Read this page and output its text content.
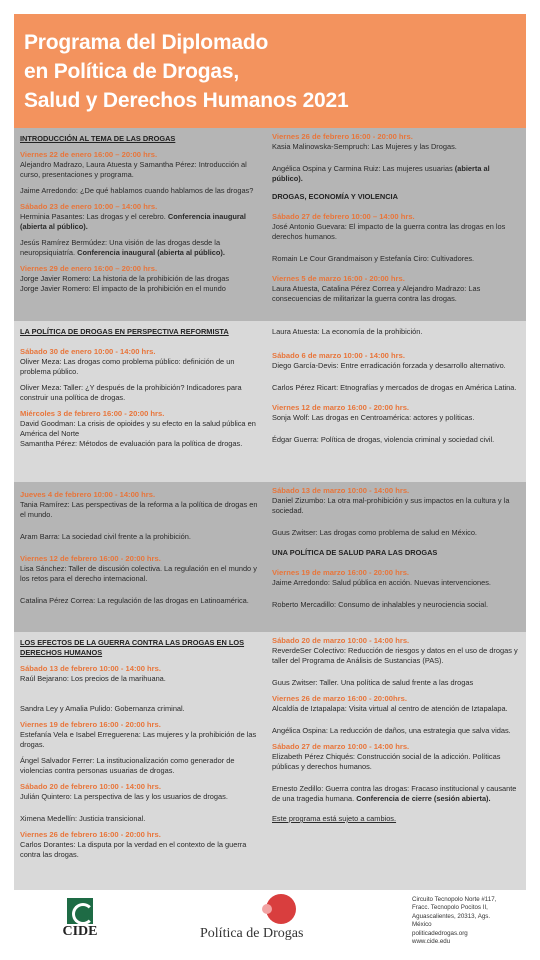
Programa del Diplomado
en Política de Drogas,
Salud y Derechos Humanos 2021
INTRODUCCIÓN AL TEMA DE LAS DROGAS
Viernes 22 de enero 16:00 – 20:00 hrs.
Alejandro Madrazo, Laura Atuesta y Samantha Pérez: Introducción al curso, presentaciones y programa.
Jaime Arredondo: ¿De qué hablamos cuando hablamos de las drogas?
Sábado 23 de enero 10:00 – 14:00 hrs.
Herminia Pasantes: Las drogas y el cerebro. Conferencia inaugural (abierta al público).
Jesús Ramírez Bermúdez: Una visión de las drogas desde la neuropsiquiatría. Conferencia inaugural (abierta al público).
Viernes 29 de enero 16:00 – 20:00 hrs.
Jorge Javier Romero: La historia de la prohibición de las drogas
Jorge Javier Romero: El impacto de la prohibición en el mundo
LA POLÍTICA DE DROGAS EN PERSPECTIVA REFORMISTA
Sábado 30 de enero 10:00 - 14:00 hrs.
Oliver Meza: Las drogas como problema público: definición de un problema público.
Oliver Meza: Taller: ¿Y después de la prohibición? Indicadores para construir una política de drogas.
Miércoles 3 de febrero 16:00 - 20:00 hrs.
David Goodman: La crisis de opioides y su efecto en la salud pública en América del Norte
Samantha Pérez: Métodos de evaluación para la política de drogas.
Jueves 4 de febrero 10:00 - 14:00 hrs.
Tania Ramírez: Las perspectivas de la reforma a la política de drogas en el mundo.
Aram Barra: La sociedad civil frente a la prohibición.
Viernes 12 de febrero 16:00 - 20:00 hrs.
Lisa Sánchez: Taller de discusión colectiva. La regulación en el mundo y los retos para el derecho internacional.
Catalina Pérez Correa: La regulación de las drogas en Latinoamérica.
LOS EFECTOS DE LA GUERRA CONTRA LAS DROGAS EN LOS DERECHOS HUMANOS
Sábado 13 de febrero 10:00 - 14:00 hrs.
Raúl Bejarano: Los precios de la marihuana.
Sandra Ley y Amalia Pulido: Gobernanza criminal.
Viernes 19 de febrero 16:00 - 20:00 hrs.
Estefanía Vela e Isabel Erreguerena: Las mujeres y la prohibición de las drogas.
Ángel Salvador Ferrer: La institucionalización como generador de violencias contra personas usuarias de drogas.
Sábado 20 de febrero 10:00 - 14:00 hrs.
Julián Quintero: La perspectiva de las y los usuarios de drogas.
Ximena Medellín: Justicia transicional.
Viernes 26 de febrero 16:00 - 20:00 hrs.
Carlos Dorantes: La disputa por la verdad en el contexto de la guerra contra las drogas.
Viernes 26 de febrero 16:00 - 20:00 hrs.
Kasia Malinowska-Sempruch: Las Mujeres y las Drogas.
Angélica Ospina y Carmina Ruiz: Las mujeres usuarias (abierta al público).
DROGAS, ECONOMÍA Y VIOLENCIA
Sábado 27 de febrero 10:00 – 14:00 hrs.
José Antonio Guevara: El impacto de la guerra contra las drogas en los derechos humanos.
Romain Le Cour Grandmaison y Estefanía Ciro: Cultivadores.
Viernes 5 de marzo 16:00 - 20:00 hrs.
Laura Atuesta, Catalina Pérez Correa y Alejandro Madrazo: Las consecuencias de militarizar la guerra contra las drogas.
Laura Atuesta: La economía de la prohibición.
Sábado 6 de marzo 10:00 - 14:00 hrs.
Diego García-Devis: Entre erradicación forzada y desarrollo alternativo.
Carlos Pérez Ricart: Etnografías y mercados de drogas en América Latina.
Viernes 12 de marzo 16:00 - 20:00 hrs.
Sonja Wolf: Las drogas en Centroamérica: actores y políticas.
Édgar Guerra: Política de drogas, violencia criminal y sociedad civil.
Sábado 13 de marzo 10:00 - 14:00 hrs.
Daniel Zizumbo: La otra mal-prohibición y sus impactos en la cultura y la sociedad.
Guus Zwitser: Las drogas como problema de salud en México.
UNA POLÍTICA DE SALUD PARA LAS DROGAS
Viernes 19 de marzo 16:00 - 20:00 hrs.
Jaime Arredondo: Salud pública en acción. Nuevas intervenciones.
Roberto Mercadillo: Consumo de inhalables y neurociencia social.
Sábado 20 de marzo 10:00 - 14:00 hrs.
ReverdeSer Colectivo: Reducción de riesgos y datos en el uso de drogas y taller del Programa de Análisis de Sustancias (PAS).
Guus Zwitser: Taller. Una política de salud frente a las drogas
Viernes 26 de marzo 16:00 - 20:00hrs.
Alcaldía de Iztapalapa: Visita virtual al centro de atención de Iztapalapa.
Angélica Ospina: La reducción de daños, una estrategia que salva vidas.
Sábado 27 de marzo 10:00 - 14:00 hrs.
Elizabeth Pérez Chiqués: Construcción social de la adicción. Políticas públicas y derechos humanos.
Ernesto Zedillo: Guerra contra las drogas: Fracaso institucional y causante de una tragedia humana. Conferencia de cierre (sesión abierta).
Este programa está sujeto a cambios.
CIDE	Política de Drogas
Circuito Tecnopolo Norte #117,
Fracc. Tecnopolo Pocitos II,
Aguascalientes, 20313, Ags.
México
politicadedrogas.org
www.cide.edu
